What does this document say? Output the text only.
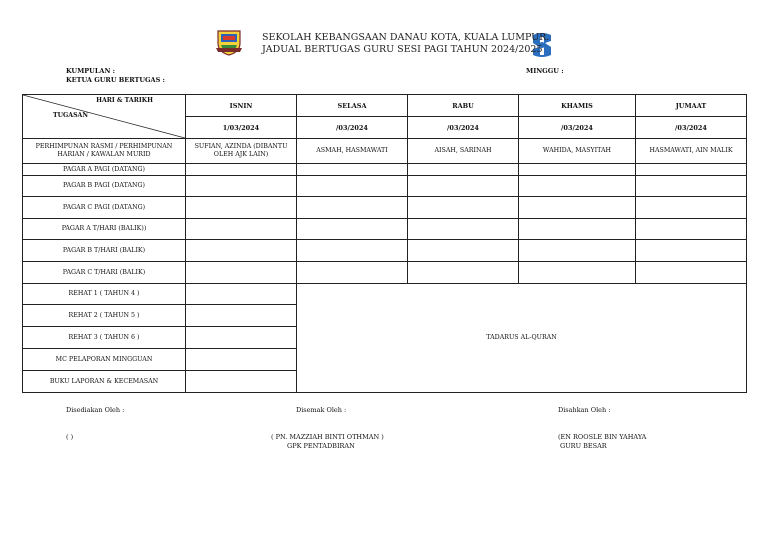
SEKOLAH KEBANGSAAN DANAU KOTA, KUALA LUMPUR.
JADUAL BERTUGAS GURU SESI PAGI TAHUN 2024/2025
KUMPULAN :
KETUA GURU BERTUGAS :
MINGGU :
HARI & TARIKH
TUGASAN	ISNIN	SELASA	RABU	KHAMIS	JUMAAT
	1/03/2024	/03/2024	/03/2024	/03/2024	/03/2024
PERHIMPUNAN RASMI / PERHIMPUNAN HARIAN / KAWALAN MURID	SUFIAN, AZINDA (DIBANTU OLEH AJK LAIN)	ASMAH, HASMAWATI	AISAH, SARINAH	WAHIDA, MASYITAH	HASMAWATI, AIN MALIK
PAGAR A PAGI (DATANG)					
PAGAR B PAGI (DATANG)					
PAGAR C PAGI (DATANG)					
PAGAR A T/HARI (BALIK))					
PAGAR B T/HARI (BALIK)					
PAGAR C T/HARI (BALIK)					
REHAT 1 ( TAHUN 4 )		TADARUS AL-QURAN			
REHAT 2 ( TAHUN 5 )					
REHAT 3 ( TAHUN 6 )					
MC PELAPORAN MINGGUAN					
BUKU LAPORAN & KECEMASAN					
Disediakan Oleh :
( )
Disemak Oleh :
( PN. MAZZIAH BINTI OTHMAN )
GPK PENTADBIRAN
Disahkan Oleh :
(EN ROOSLE BIN YAHAYA
GURU BESAR
